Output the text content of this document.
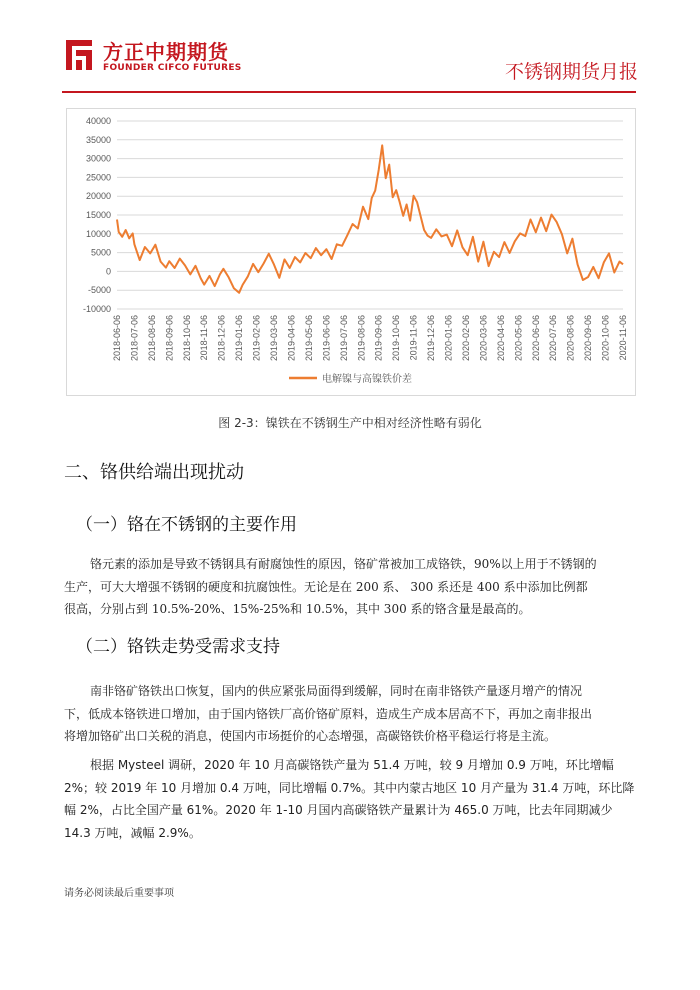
方正中期期货
FOUNDER CIFCO FUTURES	不锈钢期货月报
40000
35000
30000
25000
20000
15000
10000
5000
0
-5000
-10000
2018-06-06 2018-07-06 2018-08-06 2018-09-06 2018-10-06 2018-11-06 2018-12-06 2019-01-06 2019-02-06 2019-03-06 2019-04-06 2019-05-06 2019-06-06 2019-07-06 2019-08-06 2019-09-06 2019-10-06 2019-11-06 2019-12-06 2020-01-06 2020-02-06 2020-03-06 2020-04-06 2020-05-06 2020-06-06 2020-07-06 2020-08-06 2020-09-06 2020-10-06 2020-11-06
电解镍与高镍铁价差
图 2-3：镍铁在不锈钢生产中相对经济性略有弱化
二、铬供给端出现扰动
（一）铬在不锈钢的主要作用
铬元素的添加是导致不锈钢具有耐腐蚀性的原因，铬矿常被加工成铬铁，90%以上用于不锈钢的
生产，可大大增强不锈钢的硬度和抗腐蚀性。无论是在 200 系、 300 系还是 400 系中添加比例都
很高，分别占到 10.5%-20%、15%-25%和 10.5%，其中 300 系的铬含量是最高的。
（二）铬铁走势受需求支持
南非铬矿铬铁出口恢复，国内的供应紧张局面得到缓解，同时在南非铬铁产量逐月增产的情况
下，低成本铬铁进口增加，由于国内铬铁厂高价铬矿原料，造成生产成本居高不下，再加之南非报出
将增加铬矿出口关税的消息，使国内市场挺价的心态增强，高碳铬铁价格平稳运行将是主流。
根据 Mysteel 调研，2020 年 10 月高碳铬铁产量为 51.4 万吨，较 9 月增加 0.9 万吨，环比增幅
2%；较 2019 年 10 月增加 0.4 万吨，同比增幅 0.7%。其中内蒙古地区 10 月产量为 31.4 万吨，环比降
幅 2%，占比全国产量 61%。2020 年 1-10 月国内高碳铬铁产量累计为 465.0 万吨，比去年同期减少
14.3 万吨，减幅 2.9%。
请务必阅读最后重要事项
